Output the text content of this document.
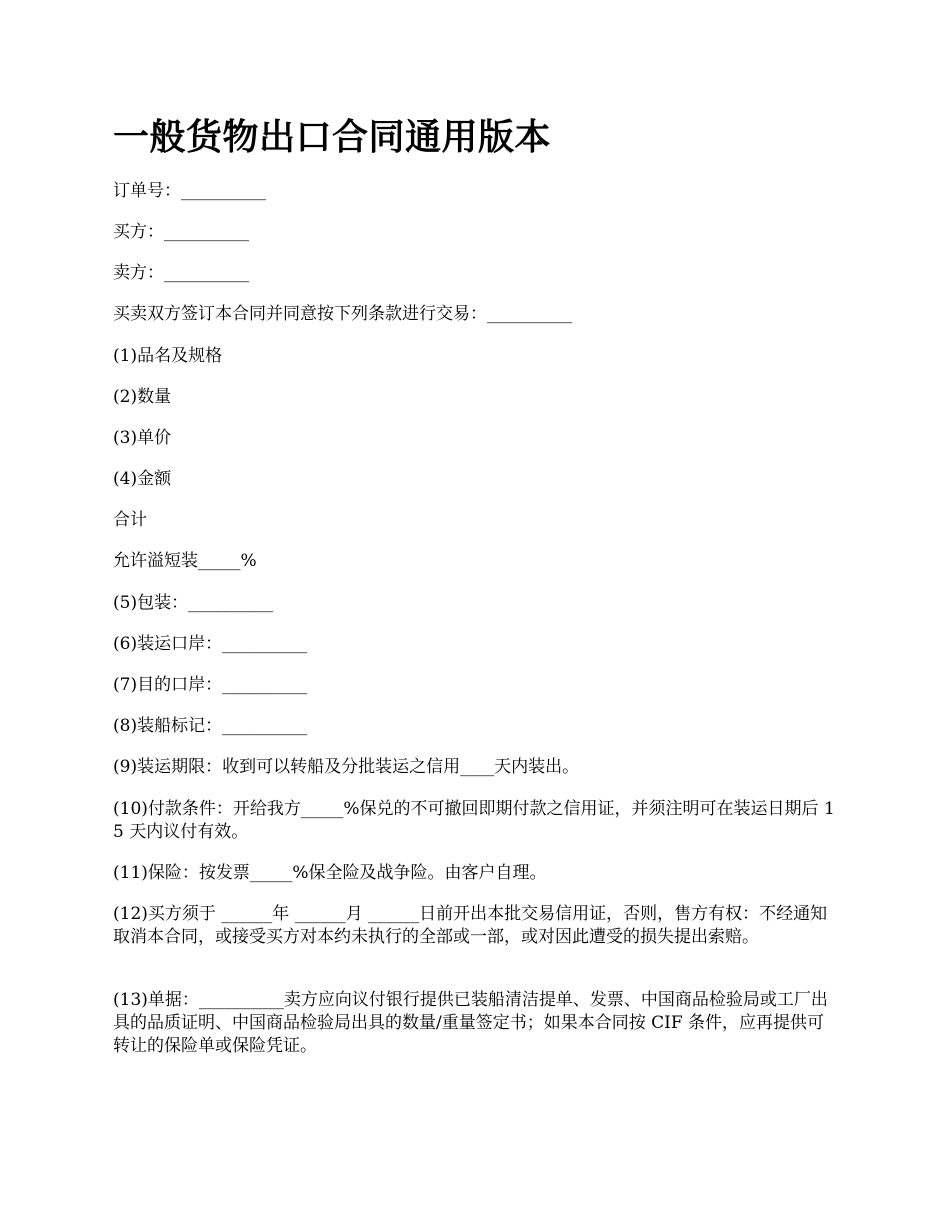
一般货物出口合同通用版本

订单号：__________

买方：__________

卖方：__________

买卖双方签订本合同并同意按下列条款进行交易：__________

(1)品名及规格

(2)数量

(3)单价

(4)金额

合计

允许溢短装_____%

(5)包装：__________

(6)装运口岸：__________

(7)目的口岸：__________

(8)装船标记：__________

(9)装运期限：收到可以转船及分批装运之信用____天内装出。

(10)付款条件：开给我方_____%保兑的不可撤回即期付款之信用证，并须注明可在装运日期后 15 天内议付有效。

(11)保险：按发票_____%保全险及战争险。由客户自理。

(12)买方须于 ______年 ______月 ______日前开出本批交易信用证，否则，售方有权：不经通知取消本合同，或接受买方对本约未执行的全部或一部，或对因此遭受的损失提出索赔。

(13)单据：__________卖方应向议付银行提供已装船清洁提单、发票、中国商品检验局或工厂出具的品质证明、中国商品检验局出具的数量/重量签定书；如果本合同按 CIF 条件，应再提供可转让的保险单或保险凭证。
